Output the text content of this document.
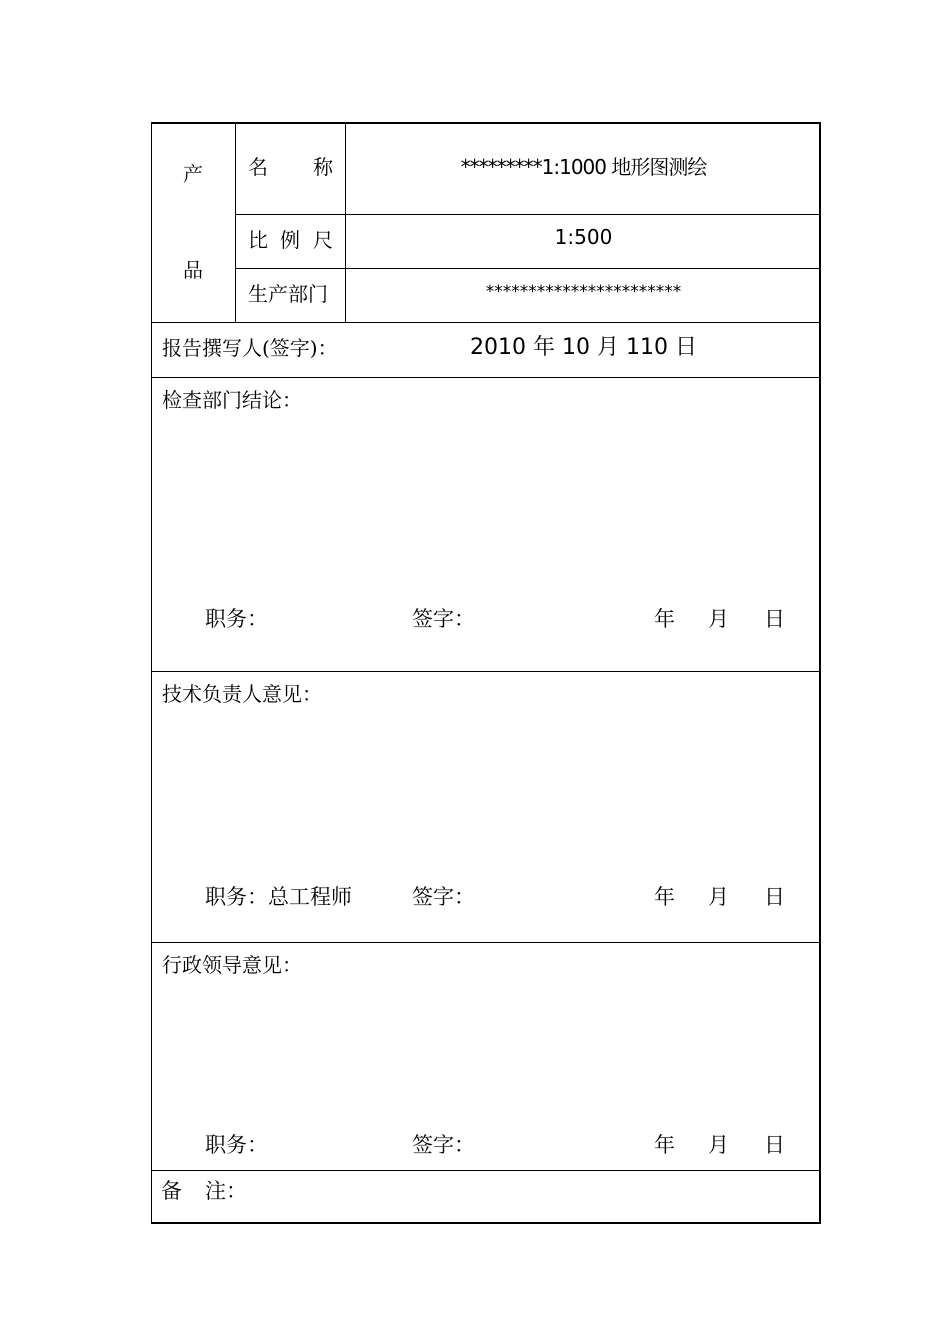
产
品
名 称	*********1:1000 地形图测绘
比 例 尺	1:500
生产部门	***********************
报告撰写人(签字)：	2010 年 10 月 110 日
检查部门结论：
职务：	签字：	年 月 日
技术负责人意见：
职务：总工程师	签字：	年 月 日
行政领导意见：
职务：	签字：	年 月 日
备 注：
